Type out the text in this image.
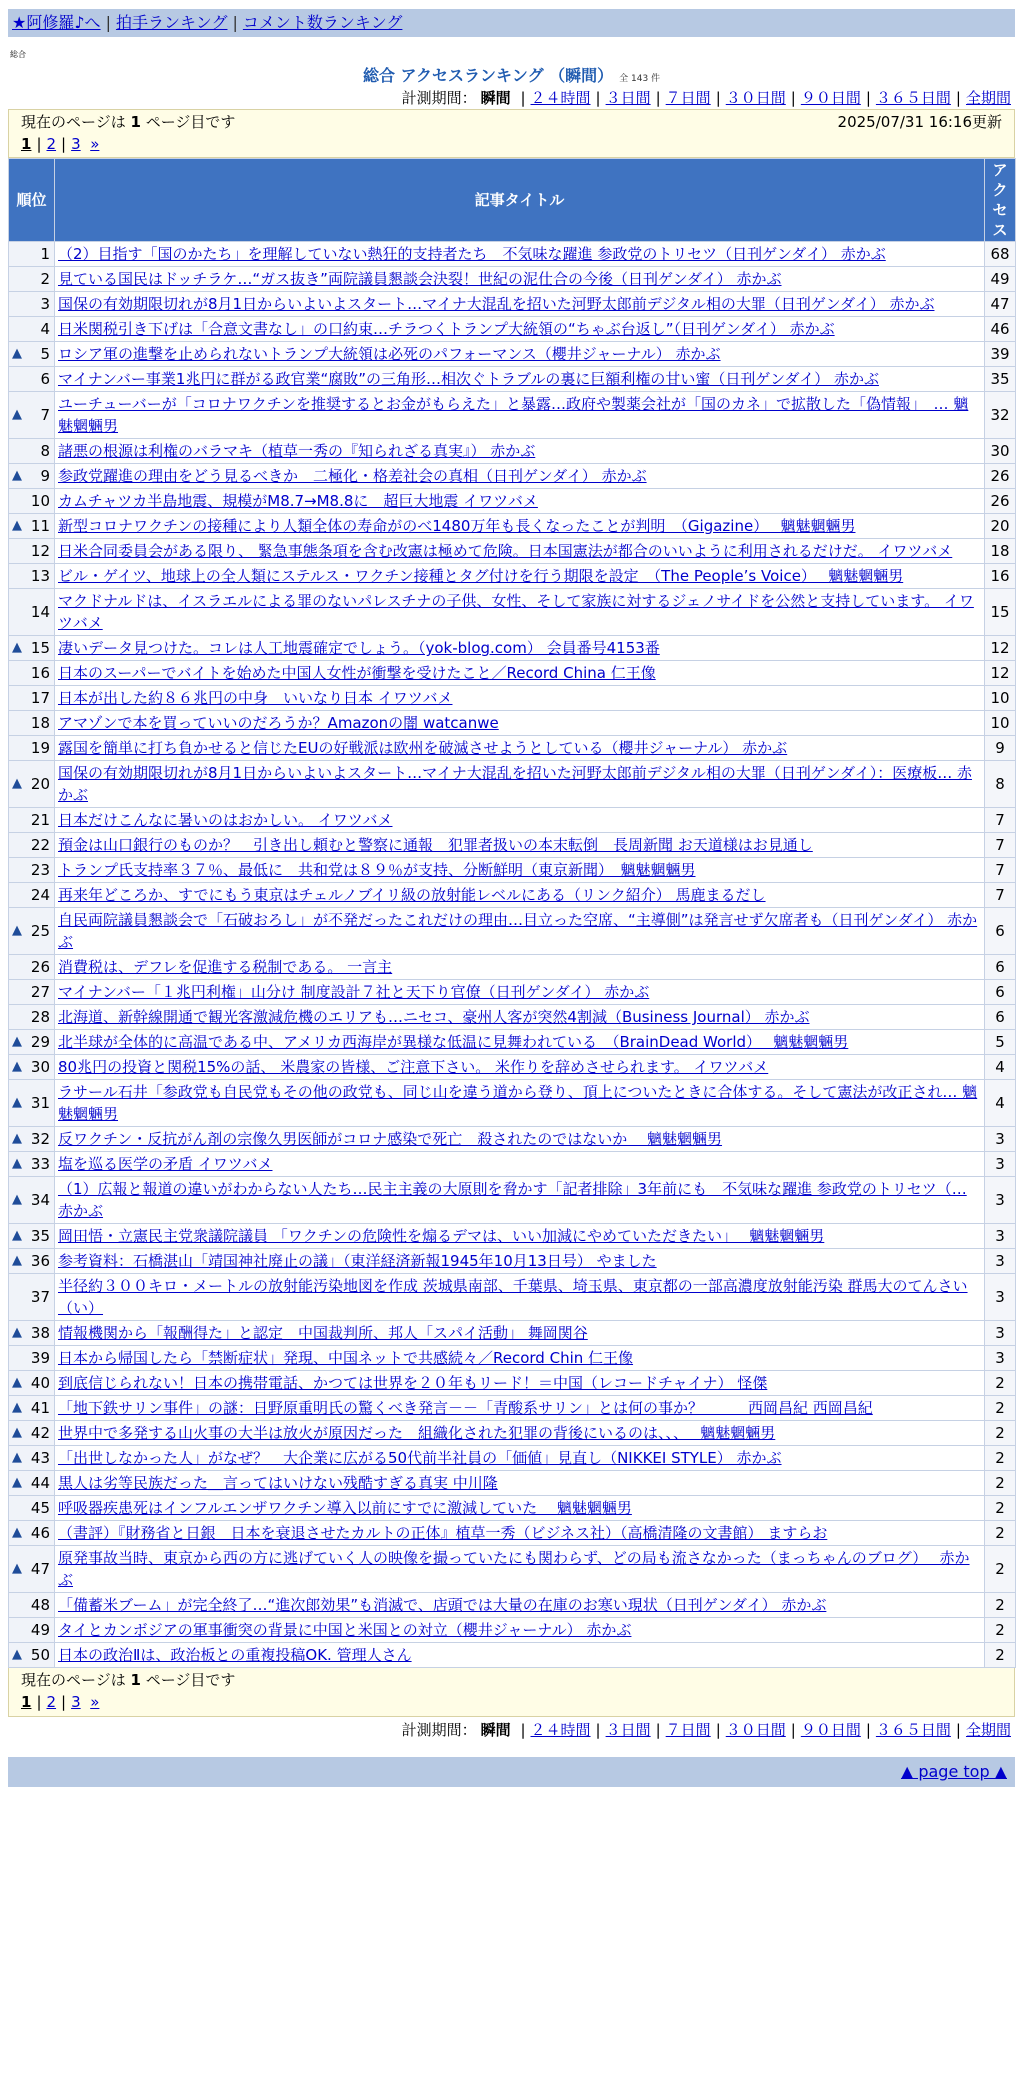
★阿修羅♪へ | 拍手ランキング | コメント数ランキング
総合
総合 アクセスランキング （瞬間） 全 143 件
計測期間： 瞬間 | ２４時間 | ３日間 | ７日間 | ３０日間 | ９０日間 | ３６５日間 | 全期間
現在のページは 1 ページ目です	2025/07/31 16:16更新
1 | 2 | 3 »
順位	記事タイトル	アクセス
1	（2）目指す「国のかたち」を理解していない熱狂的支持者たち　不気味な躍進 参政党のトリセツ（日刊ゲンダイ） 赤かぶ	68
2	見ている国民はドッチラケ…“ガス抜き”両院議員懇談会決裂！世紀の泥仕合の今後（日刊ゲンダイ） 赤かぶ	49
3	国保の有効期限切れが8月1日からいよいよスタート…マイナ大混乱を招いた河野太郎前デジタル相の大罪（日刊ゲンダイ） 赤かぶ	47
4	日米関税引き下げは「合意文書なし」の口約束…チラつくトランプ大統領の“ちゃぶ台返し”（日刊ゲンダイ） 赤かぶ	46

▲ 5	ロシア軍の進撃を止められないトランプ大統領は必死のパフォーマンス（櫻井ジャーナル） 赤かぶ	39
6	マイナンバー事業1兆円に群がる政官業“腐敗”の三角形…相次ぐトラブルの裏に巨額利権の甘い蜜（日刊ゲンダイ） 赤かぶ	35

▲ 7	ユーチューバーが「コロナワクチンを推奨するとお金がもらえた」と暴露…政府や製薬会社が「国のカネ」で拡散した「偽情報」　… 魑魅魍魎男	32
8	諸悪の根源は利権のバラマキ（植草一秀の『知られざる真実』） 赤かぶ	30

▲ 9	参政党躍進の理由をどう見るべきか　二極化・格差社会の真相（日刊ゲンダイ） 赤かぶ	26
10	カムチャツカ半島地震、規模がM8.7→M8.8に　超巨大地震 イワツバメ	26

▲ 11	新型コロナワクチンの接種により人類全体の寿命がのべ1480万年も長くなったことが判明　（Gigazine）　 魑魅魍魎男	20
12	日米合同委員会がある限り、 緊急事態条項を含む改憲は極めて危険。日本国憲法が都合のいいように利用されるだけだ。 イワツバメ	18
13	ビル・ゲイツ、地球上の全人類にステルス・ワクチン接種とタグ付けを行う期限を設定　（The People’s Voice）　 魑魅魍魎男	16
14	マクドナルドは、イスラエルによる罪のないパレスチナの子供、女性、そして家族に対するジェノサイドを公然と支持しています。 イワツバメ	15

▲ 15	凄いデータ見つけた。コレは人工地震確定でしょう。（yok-blog.com） 会員番号4153番	12
16	日本のスーパーでバイトを始めた中国人女性が衝撃を受けたこと／Record China 仁王像	12
17	日本が出した約８６兆円の中身　いいなり日本 イワツバメ	10
18	アマゾンで本を買っていいのだろうか？Amazonの闇 watcanwe	10
19	露国を簡単に打ち負かせると信じたEUの好戦派は欧州を破滅させようとしている（櫻井ジャーナル） 赤かぶ	9

▲ 20	国保の有効期限切れが8月1日からいよいよスタート…マイナ大混乱を招いた河野太郎前デジタル相の大罪（日刊ゲンダイ）：医療板… 赤かぶ	8
21	日本だけこんなに暑いのはおかしい。 イワツバメ	7
22	預金は山口銀行のものか？　引き出し頼むと警察に通報　犯罪者扱いの本末転倒　長周新聞 お天道様はお見通し	7
23	トランプ氏支持率３７％、最低に　共和党は８９％が支持、分断鮮明（東京新聞）　魑魅魍魎男	7
24	再来年どころか、すでにもう東京はチェルノブイリ級の放射能レベルにある（リンク紹介） 馬鹿まるだし	7

▲ 25	自民両院議員懇談会で「石破おろし」が不発だったこれだけの理由…目立った空席、“主導側”は発言せず欠席者も（日刊ゲンダイ） 赤かぶ	6
26	消費税は、デフレを促進する税制である。 一言主	6
27	マイナンバー「１兆円利権」山分け 制度設計７社と天下り官僚（日刊ゲンダイ） 赤かぶ	6
28	北海道、新幹線開通で観光客激減危機のエリアも…ニセコ、豪州人客が突然4割減（Business Journal） 赤かぶ	6

▲ 29	北半球が全体的に高温である中、アメリカ西海岸が異様な低温に見舞われている　（BrainDead World）　 魑魅魍魎男	5

▲ 30	80兆円の投資と関税15%の話、 米農家の皆様、ご注意下さい。 米作りを辞めさせられます。 イワツバメ	4

▲ 31	ラサール石井「参政党も自民党もその他の政党も、同じ山を違う道から登り、頂上についたときに合体する。そして憲法が改正され… 魑魅魍魎男	4

▲ 32	反ワクチン・反抗がん剤の宗像久男医師がコロナ感染で死亡　殺されたのではないか　 魑魅魍魎男	3

▲ 33	塩を巡る医学の矛盾 イワツバメ	3

▲ 34	（1）広報と報道の違いがわからない人たち…民主主義の大原則を脅かす「記者排除」3年前にも　不気味な躍進 参政党のトリセツ（… 赤かぶ	3

▲ 35	岡田悟・立憲民主党衆議院議員 「ワクチンの危険性を煽るデマは、いい加減にやめていただきたい」　 魑魅魍魎男	3

▲ 36	参考資料：石橋湛山「靖国神社廃止の議」（東洋経済新報1945年10月13日号） やました	3
37	半径約３００キロ・メートルの放射能汚染地図を作成 茨城県南部、千葉県、埼玉県、東京都の一部高濃度放射能汚染 群馬大のてんさい（い）	3

▲ 38	情報機関から「報酬得た」と認定　中国裁判所、邦人「スパイ活動」 舞岡関谷	3
39	日本から帰国したら「禁断症状」発現、中国ネットで共感続々／Record Chin 仁王像	3

▲ 40	到底信じられない！日本の携帯電話、かつては世界を２０年もリード！＝中国（レコードチャイナ） 怪傑	2

▲ 41	「地下鉄サリン事件」の謎：日野原重明氏の驚くべき発言－－「青酸系サリン」とは何の事か？　　　西岡昌紀 西岡昌紀	2

▲ 42	世界中で多発する山火事の大半は放火が原因だった　組織化された犯罪の背後にいるのは、、、　 魑魅魍魎男	2

▲ 43	「出世しなかった人」がなぜ？　大企業に広がる50代前半社員の「価値」見直し（NIKKEI STYLE） 赤かぶ	2

▲ 44	黒人は劣等民族だった＿言ってはいけない残酷すぎる真実 中川隆	2
45	呼吸器疾患死はインフルエンザワクチン導入以前にすでに激減していた　 魑魅魍魎男	2

▲ 46	（書評）『財務省と日銀　日本を衰退させたカルトの正体』植草一秀（ビジネス社）（高橋清隆の文書館） ますらお	2

▲ 47	原発事故当時、東京から西の方に逃げていく人の映像を撮っていたにも関わらず、どの局も流さなかった（まっちゃんのブログ）　 赤かぶ	2
48	「備蓄米ブーム」が完全終了…“進次郎効果”も消滅で、店頭では大量の在庫のお寒い現状（日刊ゲンダイ） 赤かぶ	2
49	タイとカンボジアの軍事衝突の背景に中国と米国との対立（櫻井ジャーナル） 赤かぶ	2

▲ 50	日本の政治Ⅱは、政治板との重複投稿OK. 管理人さん	2
現在のページは 1 ページ目です
1 | 2 | 3 »
計測期間： 瞬間 | ２４時間 | ３日間 | ７日間 | ３０日間 | ９０日間 | ３６５日間 | 全期間
▲ page top ▲
